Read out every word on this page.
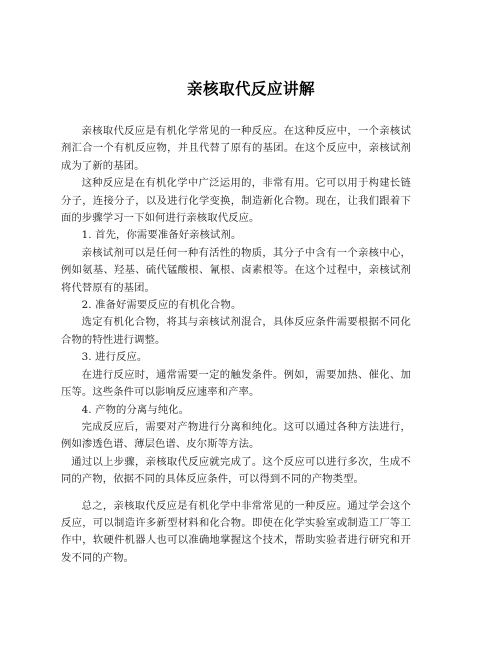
亲核取代反应讲解

亲核取代反应是有机化学常见的一种反应。在这种反应中，一个亲核试剂汇合一个有机反应物，并且代替了原有的基团。在这个反应中，亲核试剂成为了新的基团。

这种反应是在有机化学中广泛运用的，非常有用。它可以用于构建长链分子，连接分子，以及进行化学变换，制造新化合物。现在，让我们跟着下面的步骤学习一下如何进行亲核取代反应。

1. 首先，你需要准备好亲核试剂。

亲核试剂可以是任何一种有活性的物质，其分子中含有一个亲核中心，例如氨基、羟基、硫代锰酸根、氰根、卤素根等。在这个过程中，亲核试剂将代替原有的基团。

2. 准备好需要反应的有机化合物。

选定有机化合物，将其与亲核试剂混合，具体反应条件需要根据不同化合物的特性进行调整。

3. 进行反应。

在进行反应时，通常需要一定的触发条件。例如，需要加热、催化、加压等。这些条件可以影响反应速率和产率。

4. 产物的分离与纯化。

完成反应后，需要对产物进行分离和纯化。这可以通过各种方法进行，例如渗透色谱、薄层色谱、皮尔斯等方法。

通过以上步骤，亲核取代反应就完成了。这个反应可以进行多次，生成不同的产物，依据不同的具体反应条件，可以得到不同的产物类型。

总之，亲核取代反应是有机化学中非常常见的一种反应。通过学会这个反应，可以制造许多新型材料和化合物。即使在化学实验室或制造工厂等工作中，软硬件机器人也可以准确地掌握这个技术，帮助实验者进行研究和开发不同的产物。
